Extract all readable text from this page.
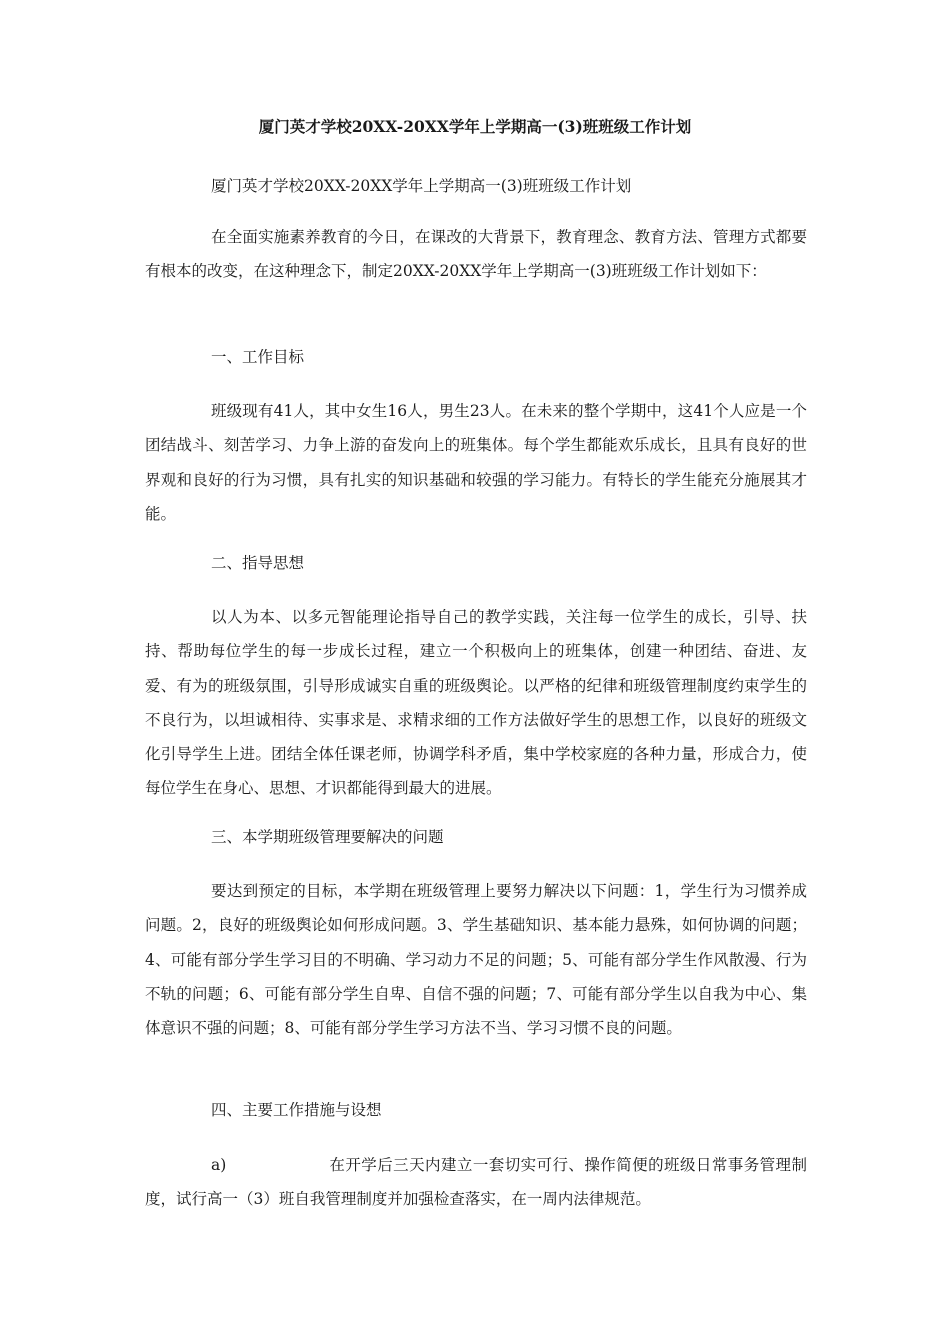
厦门英才学校20XX-20XX学年上学期高一(3)班班级工作计划

厦门英才学校20XX-20XX学年上学期高一(3)班班级工作计划

在全面实施素养教育的今日，在课改的大背景下，教育理念、教育方法、管理方式都要有根本的改变，在这种理念下，制定20XX-20XX学年上学期高一(3)班班级工作计划如下：

一、工作目标

班级现有41人，其中女生16人，男生23人。在未来的整个学期中，这41个人应是一个团结战斗、刻苦学习、力争上游的奋发向上的班集体。每个学生都能欢乐成长，且具有良好的世界观和良好的行为习惯，具有扎实的知识基础和较强的学习能力。有特长的学生能充分施展其才能。

二、指导思想

以人为本、以多元智能理论指导自己的教学实践，关注每一位学生的成长，引导、扶持、帮助每位学生的每一步成长过程，建立一个积极向上的班集体，创建一种团结、奋进、友爱、有为的班级氛围，引导形成诚实自重的班级舆论。以严格的纪律和班级管理制度约束学生的不良行为，以坦诚相待、实事求是、求精求细的工作方法做好学生的思想工作，以良好的班级文化引导学生上进。团结全体任课老师，协调学科矛盾，集中学校家庭的各种力量，形成合力，使每位学生在身心、思想、才识都能得到最大的进展。

三、本学期班级管理要解决的问题

要达到预定的目标，本学期在班级管理上要努力解决以下问题：1，学生行为习惯养成问题。2，良好的班级舆论如何形成问题。3、学生基础知识、基本能力悬殊，如何协调的问题；4、可能有部分学生学习目的不明确、学习动力不足的问题；5、可能有部分学生作风散漫、行为不轨的问题；6、可能有部分学生自卑、自信不强的问题；7、可能有部分学生以自我为中心、集体意识不强的问题；8、可能有部分学生学习方法不当、学习习惯不良的问题。

四、主要工作措施与设想

a)	在开学后三天内建立一套切实可行、操作简便的班级日常事务管理制度，试行高一（3）班自我管理制度并加强检查落实，在一周内法律规范。
